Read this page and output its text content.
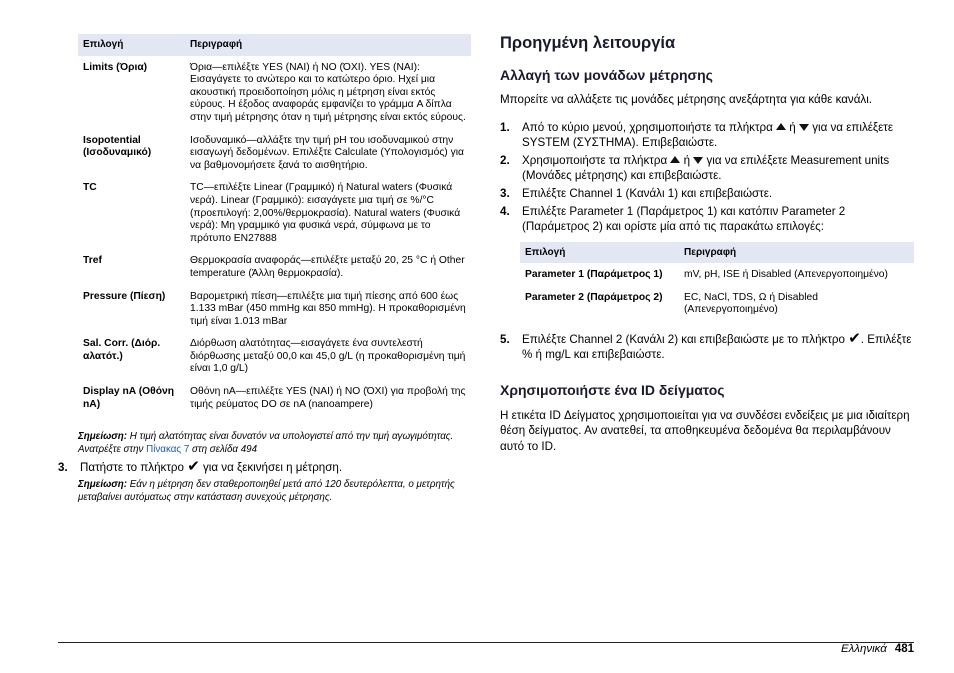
Επιλογή	Περιγραφή
Limits (Όρια)	Όρια—επιλέξτε YES (ΝΑΙ) ή NO (ΌΧΙ). YES (ΝΑΙ): Εισαγάγετε το ανώτερο και το κατώτερο όριο. Ηχεί μια ακουστική προειδοποίηση μόλις η μέτρηση είναι εκτός εύρους. Η έξοδος αναφοράς εμφανίζει το γράμμα A δίπλα στην τιμή μέτρησης όταν η τιμή μέτρησης είναι εκτός εύρους.
Isopotential (Ισοδυναμικό)	Ισοδυναμικό—αλλάξτε την τιμή pH του ισοδυναμικού στην εισαγωγή δεδομένων. Επιλέξτε Calculate (Υπολογισμός) για να βαθμονομήσετε ξανά το αισθητήριο.
TC	TC—επιλέξτε Linear (Γραμμικό) ή Natural waters (Φυσικά νερά). Linear (Γραμμικό): εισαγάγετε μια τιμή σε %/°C (προεπιλογή: 2,00%/θερμοκρασία). Natural waters (Φυσικά νερά): Μη γραμμικό για φυσικά νερά, σύμφωνα με το πρότυπο EN27888
Tref	Θερμοκρασία αναφοράς—επιλέξτε μεταξύ 20, 25 °C ή Other temperature (Άλλη θερμοκρασία).
Pressure (Πίεση)	Βαρομετρική πίεση—επιλέξτε μια τιμή πίεσης από 600 έως 1.133 mBar (450 mmHg και 850 mmHg). Η προκαθορισμένη τιμή είναι 1.013 mBar
Sal. Corr. (Διόρ. αλατότ.)	Διόρθωση αλατότητας—εισαγάγετε ένα συντελεστή διόρθωσης μεταξύ 00,0 και 45,0 g/L (η προκαθορισμένη τιμή είναι 1,0 g/L)
Display nA (Οθόνη nA)	Οθόνη nA—επιλέξτε YES (ΝΑΙ) ή NO (ΌΧΙ) για προβολή της τιμής ρεύματος DO σε nA (nanoampere)
Σημείωση: Η τιμή αλατότητας είναι δυνατόν να υπολογιστεί από την τιμή αγωγιμότητας. Ανατρέξτε στην Πίνακας 7 στη σελίδα 494
3. Πατήστε το πλήκτρο ✔ για να ξεκινήσει η μέτρηση.
Σημείωση: Εάν η μέτρηση δεν σταθεροποιηθεί μετά από 120 δευτερόλεπτα, ο μετρητής μεταβαίνει αυτόματως στην κατάσταση συνεχούς μέτρησης.
Προηγμένη λειτουργία
Αλλαγή των μονάδων μέτρησης

Μπορείτε να αλλάξετε τις μονάδες μέτρησης ανεξάρτητα για κάθε κανάλι.

1. Από το κύριο μενού, χρησιμοποιήστε τα πλήκτρα  ή  για να επιλέξετε SYSTEM (ΣΥΣΤΗΜΑ). Επιβεβαιώστε.
2. Χρησιμοποιήστε τα πλήκτρα  ή  για να επιλέξετε Measurement units (Μονάδες μέτρησης) και επιβεβαιώστε.
3. Επιλέξτε Channel 1 (Κανάλι 1) και επιβεβαιώστε.
4. Επιλέξτε Parameter 1 (Παράμετρος 1) και κατόπιν Parameter 2 (Παράμετρος 2) και ορίστε μία από τις παρακάτω επιλογές:
Επιλογή	Περιγραφή
Parameter 1 (Παράμετρος 1)	mV, pH, ISE ή Disabled (Απενεργοποιημένο)
Parameter 2 (Παράμετρος 2)	EC, NaCl, TDS, Ω ή Disabled (Απενεργοποιημένο)
5. Επιλέξτε Channel 2 (Κανάλι 2) και επιβεβαιώστε με το πλήκτρο ✔. Επιλέξτε % ή mg/L και επιβεβαιώστε.
Χρησιμοποιήστε ένα ID δείγματος

Η ετικέτα ID Δείγματος χρησιμοποιείται για να συνδέσει ενδείξεις με μια ιδιαίτερη θέση δείγματος. Αν ανατεθεί, τα αποθηκευμένα δεδομένα θα περιλαμβάνουν αυτό το ID.

Ελληνικά 481
